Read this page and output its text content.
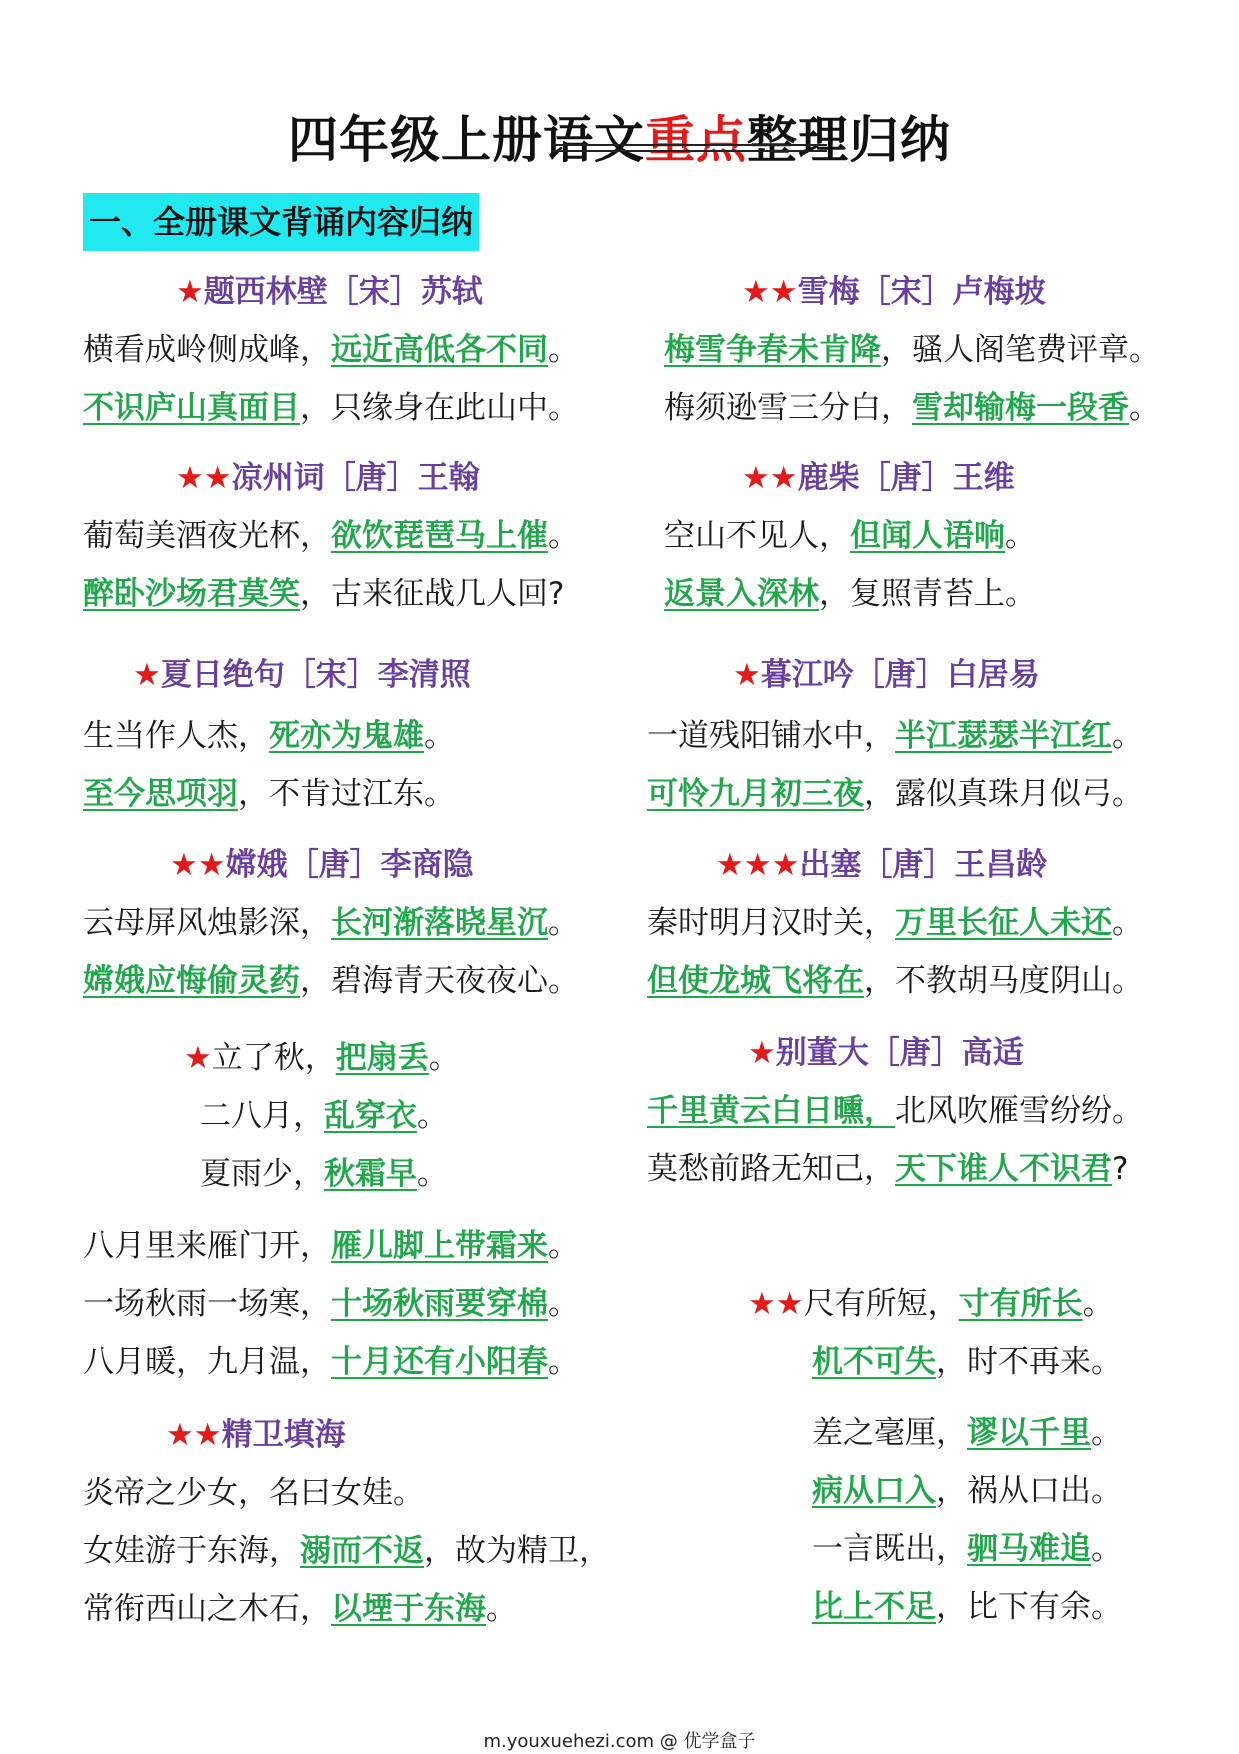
四年级上册语文重点整理归纳
一、全册课文背诵内容归纳
★题西林壁［宋］苏轼
横看成岭侧成峰，远近高低各不同。
不识庐山真面目，只缘身在此山中。
★★凉州词［唐］王翰
葡萄美酒夜光杯，欲饮琵琶马上催。
醉卧沙场君莫笑，古来征战几人回?
★夏日绝句［宋］李清照
生当作人杰，死亦为鬼雄。
至今思项羽，不肯过江东。
★★嫦娥［唐］李商隐
云母屏风烛影深，长河渐落晓星沉。
嫦娥应悔偷灵药，碧海青天夜夜心。
★立了秋，把扇丢。
二八月，乱穿衣。
夏雨少，秋霜早。
八月里来雁门开，雁儿脚上带霜来。
一场秋雨一场寒，十场秋雨要穿棉。
八月暖，九月温，十月还有小阳春。
★★精卫填海
炎帝之少女，名曰女娃。
女娃游于东海，溺而不返，故为精卫，
常衔西山之木石，以堙于东海。
★★雪梅［宋］卢梅坡
梅雪争春未肯降，骚人阁笔费评章。
梅须逊雪三分白，雪却输梅一段香。
★★鹿柴［唐］王维
空山不见人，但闻人语响。
返景入深林，复照青苔上。
★暮江吟［唐］白居易
一道残阳铺水中，半江瑟瑟半江红。
可怜九月初三夜，露似真珠月似弓。
★★★出塞［唐］王昌龄
秦时明月汉时关，万里长征人未还。
但使龙城飞将在，不教胡马度阴山。
★别董大［唐］高适
千里黄云白日曛，北风吹雁雪纷纷。
莫愁前路无知己，天下谁人不识君?
★★尺有所短，寸有所长。
机不可失，时不再来。
差之毫厘，谬以千里。
病从口入，祸从口出。
一言既出，驷马难追。
比上不足，比下有余。
m.youxuehezi.com @ 优学盒子
